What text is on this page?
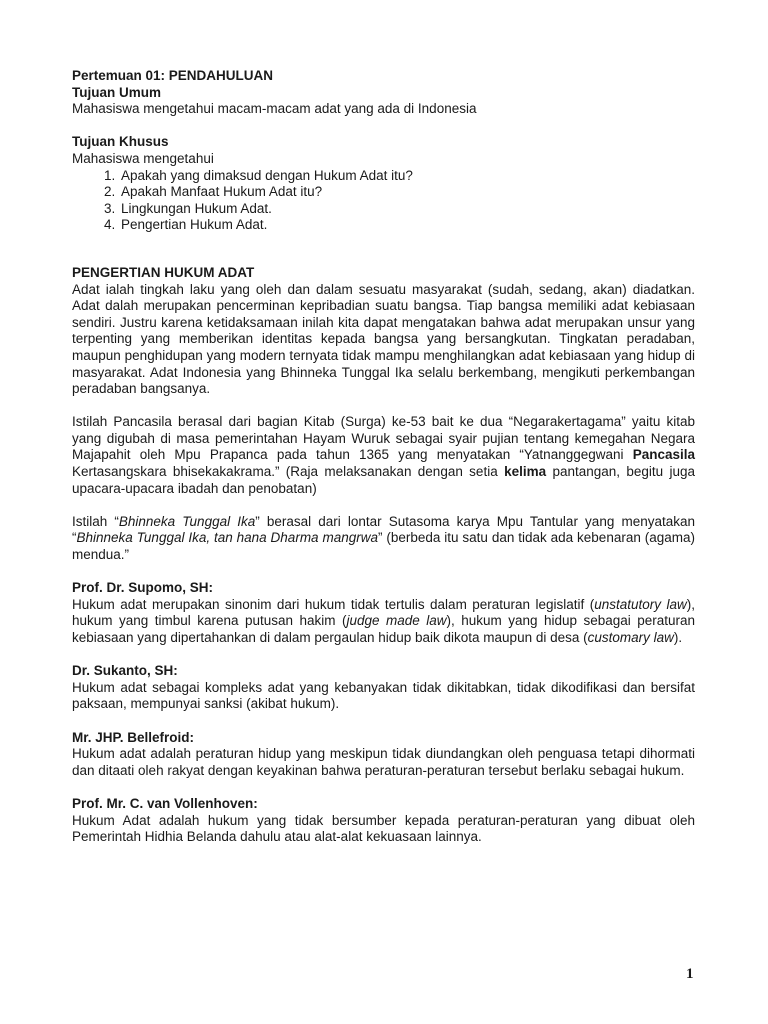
Pertemuan 01: PENDAHULUAN
Tujuan Umum
Mahasiswa mengetahui macam-macam adat yang ada di Indonesia
Tujuan Khusus
Mahasiswa mengetahui
1. Apakah yang dimaksud dengan Hukum Adat itu?
2. Apakah Manfaat Hukum Adat itu?
3. Lingkungan Hukum Adat.
4. Pengertian Hukum Adat.
PENGERTIAN HUKUM ADAT
Adat ialah tingkah laku yang oleh dan dalam sesuatu masyarakat (sudah, sedang, akan) diadatkan. Adat dalah merupakan pencerminan kepribadian suatu bangsa. Tiap bangsa memiliki adat kebiasaan sendiri. Justru karena ketidaksamaan inilah kita dapat mengatakan bahwa adat merupakan unsur yang terpenting yang memberikan identitas kepada bangsa yang bersangkutan. Tingkatan peradaban, maupun penghidupan yang modern ternyata tidak mampu menghilangkan adat kebiasaan yang hidup di masyarakat. Adat Indonesia yang Bhinneka Tunggal Ika selalu berkembang, mengikuti perkembangan peradaban bangsanya.
Istilah Pancasila berasal dari bagian Kitab (Surga) ke-53 bait ke dua “Negarakertagama” yaitu kitab yang digubah di masa pemerintahan Hayam Wuruk sebagai syair pujian tentang kemegahan Negara Majapahit oleh Mpu Prapanca pada tahun 1365 yang menyatakan “Yatnanggegwani Pancasila Kertasangskara bhisekakakrama.” (Raja melaksanakan dengan setia kelima pantangan, begitu juga upacara-upacara ibadah dan penobatan)
Istilah “Bhinneka Tunggal Ika” berasal dari lontar Sutasoma karya Mpu Tantular yang menyatakan “Bhinneka Tunggal Ika, tan hana Dharma mangrwa” (berbeda itu satu dan tidak ada kebenaran (agama) mendua.”
Prof. Dr. Supomo, SH:
Hukum adat merupakan sinonim dari hukum tidak tertulis dalam peraturan legislatif (unstatutory law), hukum yang timbul karena putusan hakim (judge made law), hukum yang hidup sebagai peraturan kebiasaan yang dipertahankan di dalam pergaulan hidup baik dikota maupun di desa (customary law).
Dr. Sukanto, SH:
Hukum adat sebagai kompleks adat yang kebanyakan tidak dikitabkan, tidak dikodifikasi dan bersifat paksaan, mempunyai sanksi (akibat hukum).
Mr. JHP. Bellefroid:
Hukum adat adalah peraturan hidup yang meskipun tidak diundangkan oleh penguasa tetapi dihormati dan ditaati oleh rakyat dengan keyakinan bahwa peraturan-peraturan tersebut berlaku sebagai hukum.
Prof. Mr. C. van Vollenhoven:
Hukum Adat adalah hukum yang tidak bersumber kepada peraturan-peraturan yang dibuat oleh Pemerintah Hidhia Belanda dahulu atau alat-alat kekuasaan lainnya.
1
